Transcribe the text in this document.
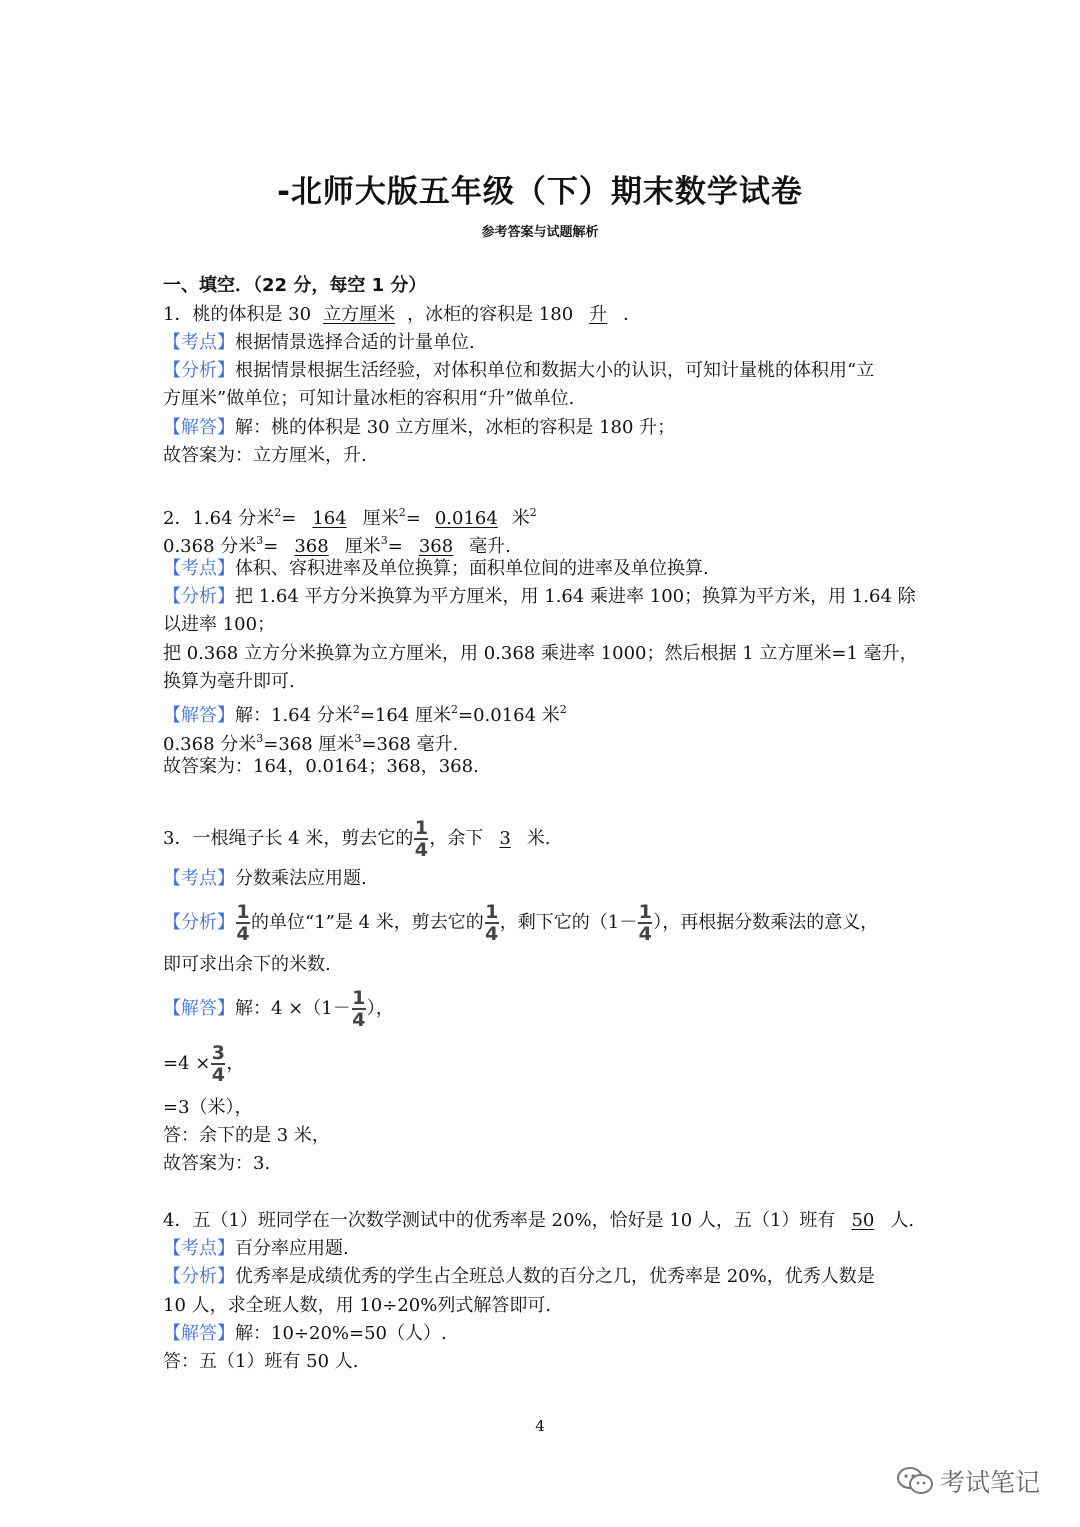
-北师大版五年级（下）期末数学试卷
参考答案与试题解析
一、填空．（22 分，每空 1 分）
1．桃的体积是 30 立方厘米 ，冰柜的容积是 180 升 ．
【考点】根据情景选择合适的计量单位.
【分析】根据情景根据生活经验，对体积单位和数据大小的认识，可知计量桃的体积用“立
方厘米”做单位；可知计量冰柜的容积用“升”做单位.
【解答】解：桃的体积是 30 立方厘米，冰柜的容积是 180 升；
故答案为：立方厘米，升.
2．1.64 分米$^2$= 164 厘米$^2$= 0.0164 米$^2$
0.368 分米$^3$= 368 厘米$^3$= 368 毫升.
【考点】体积、容积进率及单位换算；面积单位间的进率及单位换算.
【分析】把 1.64 平方分米换算为平方厘米，用 1.64 乘进率 100；换算为平方米，用 1.64 除
以进率 100；
把 0.368 立方分米换算为立方厘米，用 0.368 乘进率 1000；然后根据 1 立方厘米=1 毫升，
换算为毫升即可.
【解答】解：1.64 分米$^2$=164 厘米$^2$=0.0164 米$^2$
0.368 分米$^3$=368 厘米$^3$=368 毫升.
故答案为：164，0.0164；368，368.
3．一根绳子长 4 米，剪去它的 $\frac{1}{4}$ ，余下 3 米.
【考点】分数乘法应用题.
【分析】 $\frac{1}{4}$ 的单位“1”是 4 米，剪去它的 $\frac{1}{4}$ ，剩下它的（$1- \frac{1}{4}$ ），再根据分数乘法的意义，
即可求出余下的米数.
【解答】解：$4 \times(1- \frac{1}{4}$ ），
$=4 \times \frac{3}{4}$ ，
=3（米），
答：余下的是 3 米，
故答案为：3.
4．五（1）班同学在一次数学测试中的优秀率是 20%，恰好是 10 人，五（1）班有 50 人.
【考点】百分率应用题.
【分析】优秀率是成绩优秀的学生占全班总人数的百分之几，优秀率是 20%，优秀人数是
10 人，求全班人数，用 10÷20%列式解答即可.
【解答】解：10÷20%=50（人）.
答：五（1）班有 50 人.
4
考试笔记
